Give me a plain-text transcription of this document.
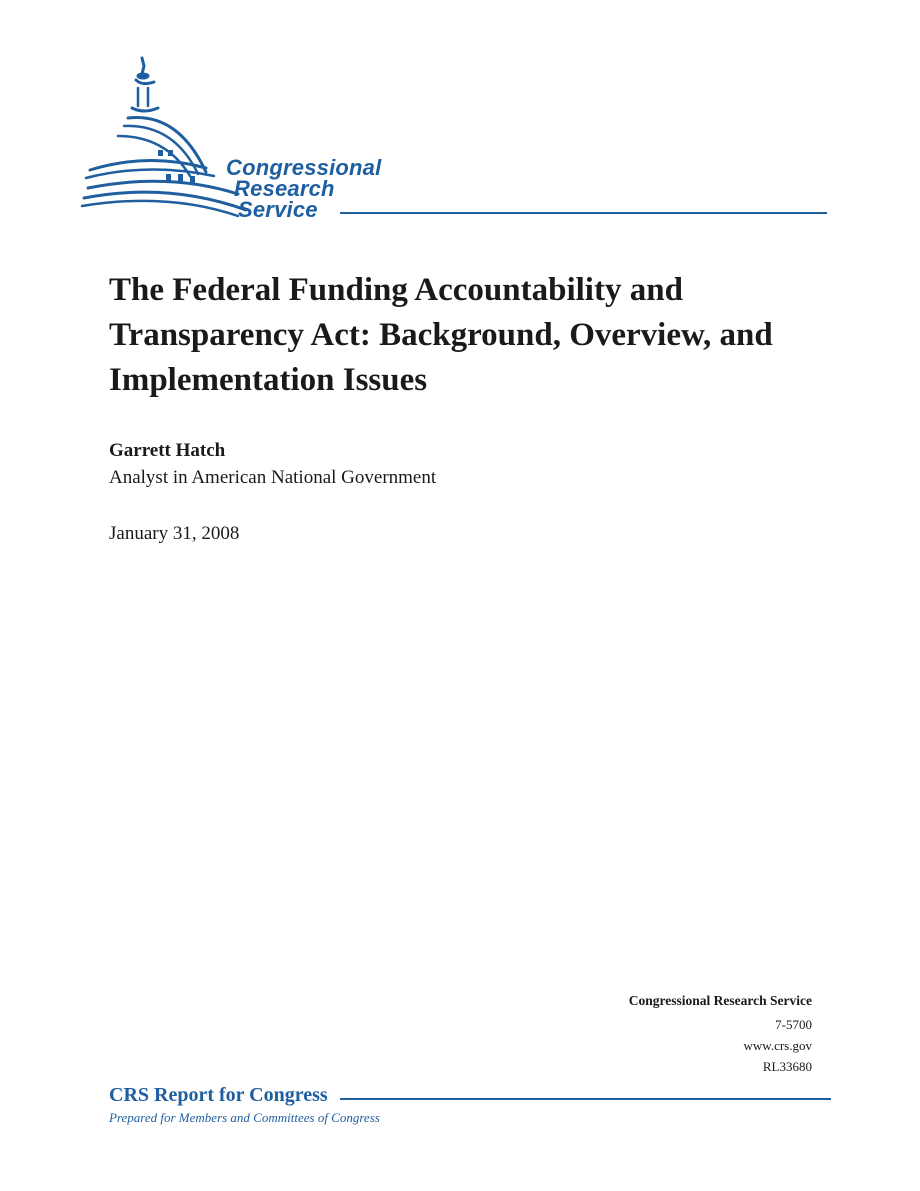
Congressional
Research
Service
The Federal Funding Accountability and Transparency Act: Background, Overview, and Implementation Issues
Garrett Hatch
Analyst in American National Government
January 31, 2008
Congressional Research Service
7-5700
www.crs.gov
RL33680
CRS Report for Congress
Prepared for Members and Committees of Congress
